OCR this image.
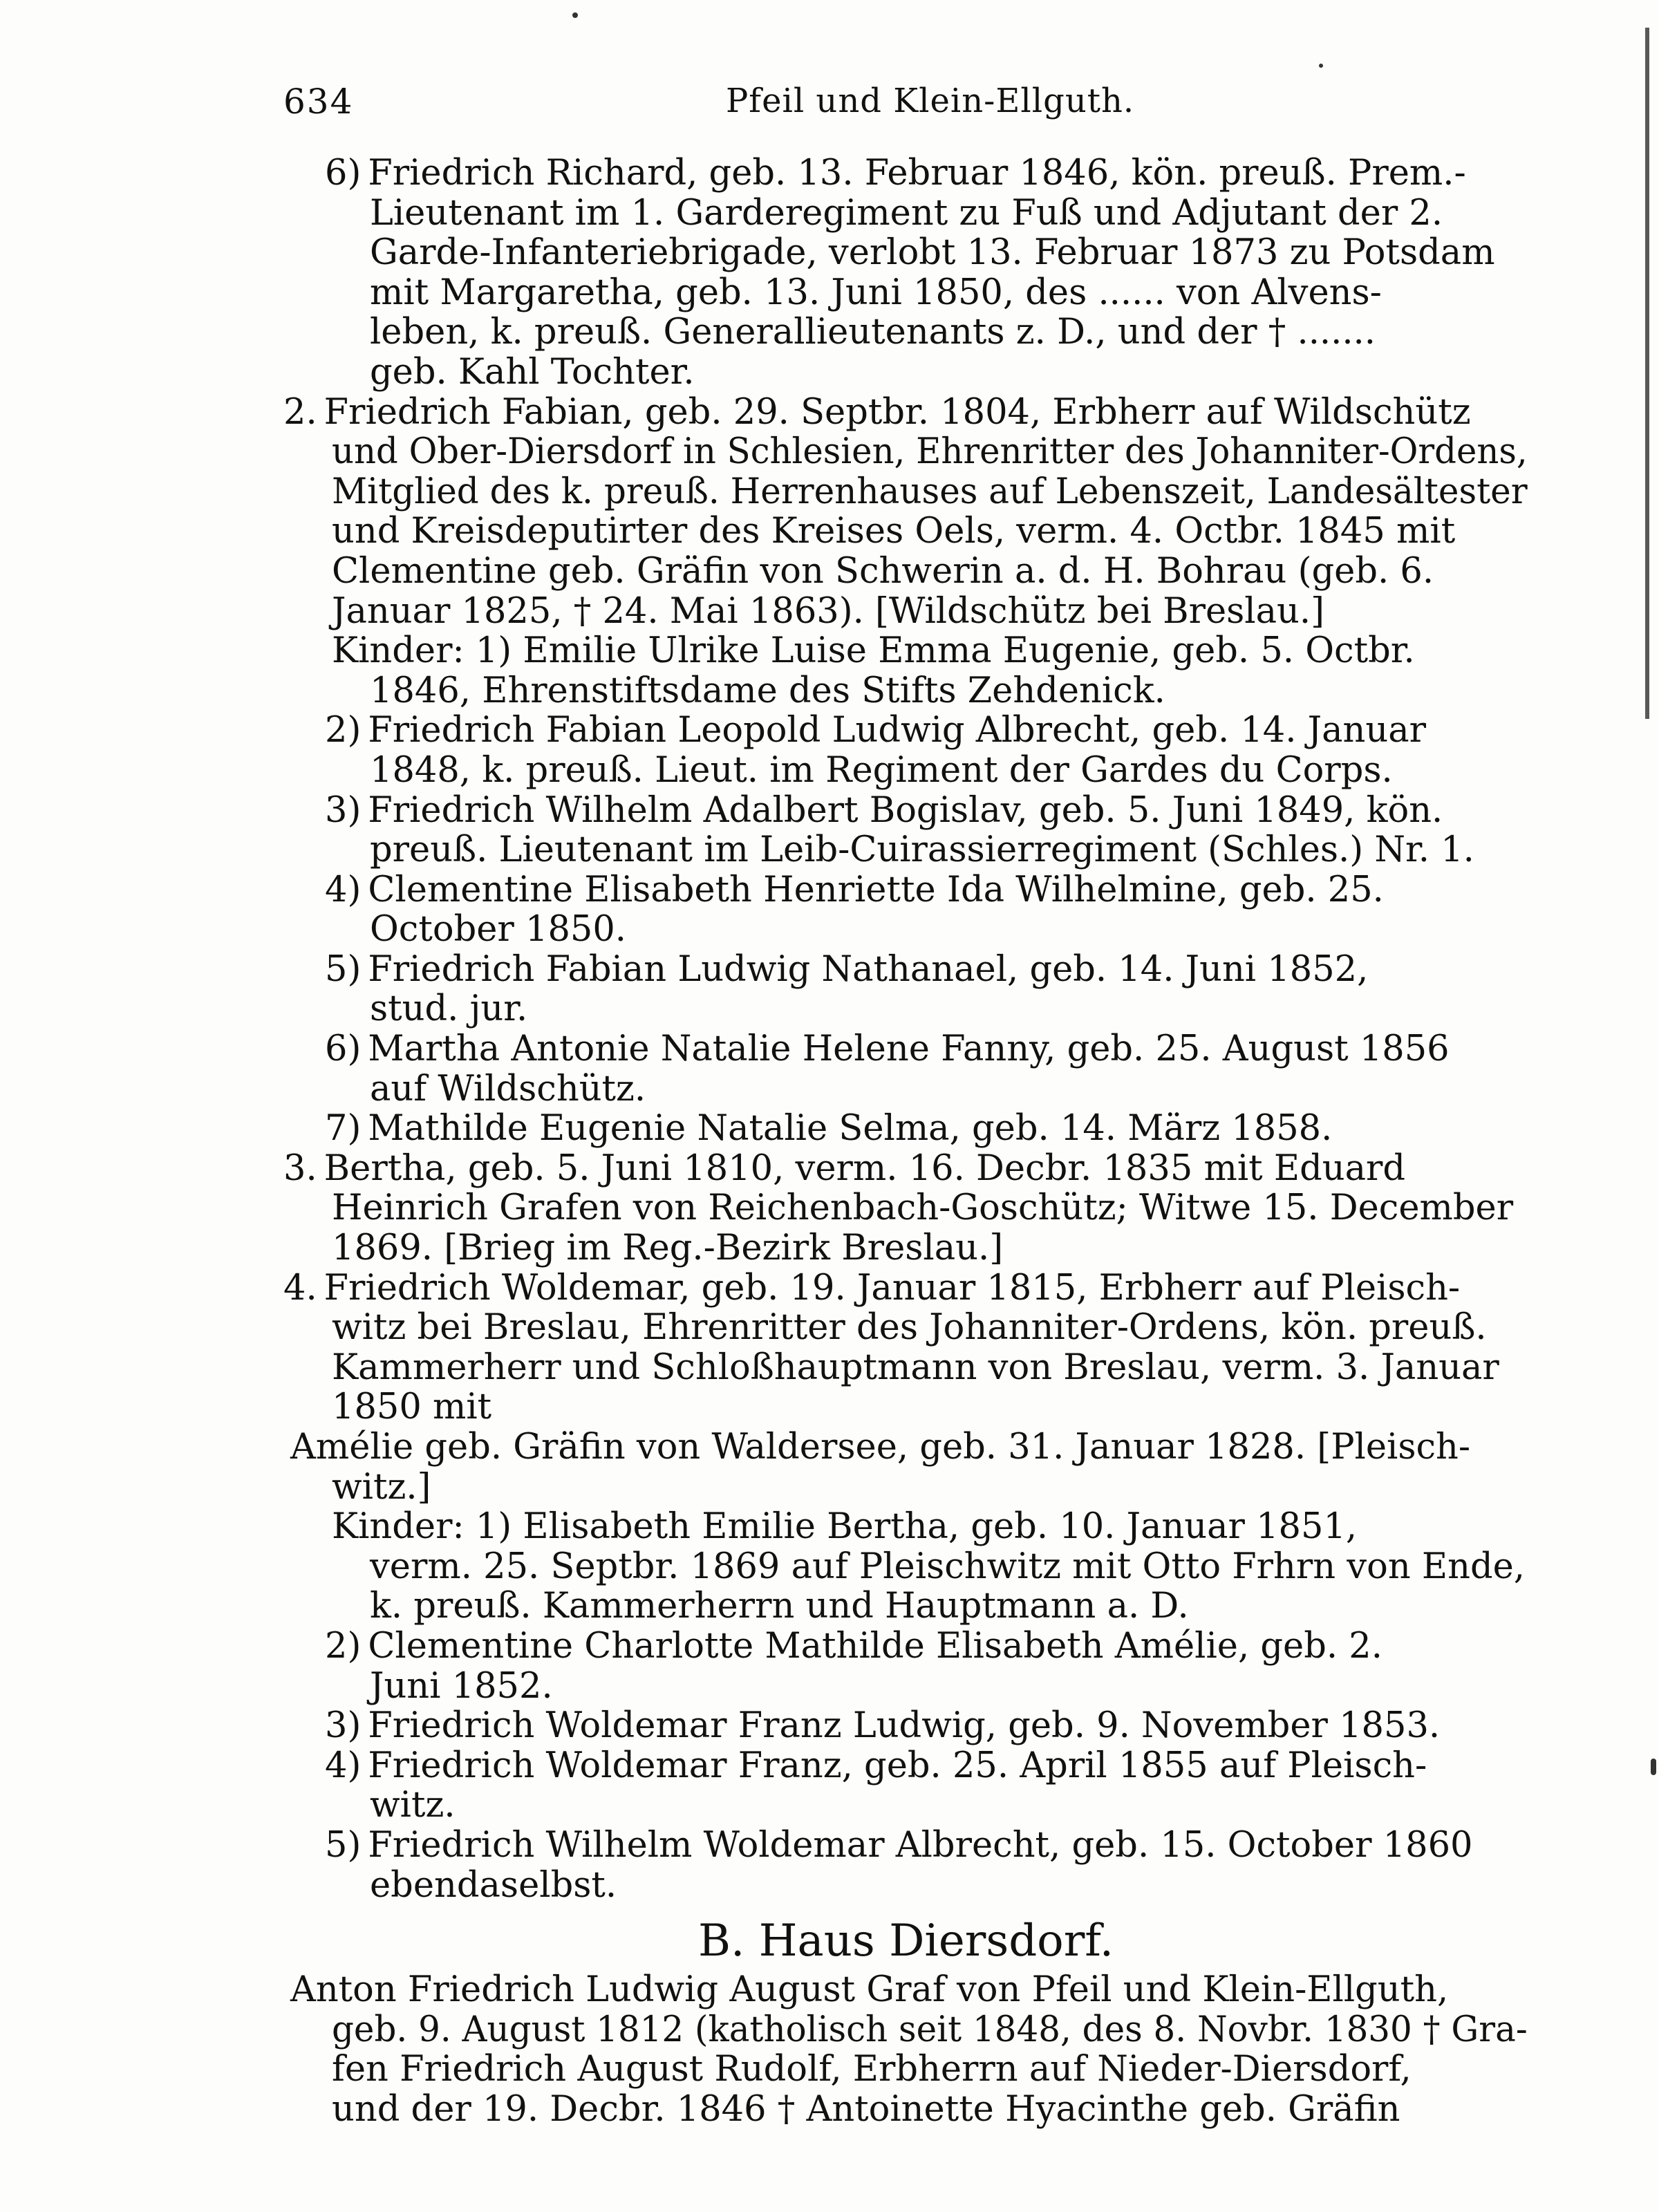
634	Pfeil und Klein-Ellguth.
6) Friedrich Richard, geb. 13. Februar 1846, kön. preuß. Prem.-
Lieutenant im 1. Garderegiment zu Fuß und Adjutant der 2.
Garde-Infanteriebrigade, verlobt 13. Februar 1873 zu Potsdam
mit Margaretha, geb. 13. Juni 1850, des ...... von Alvens-
leben, k. preuß. Generallieutenants z. D., und der † .......
geb. Kahl Tochter.
2. Friedrich Fabian, geb. 29. Septbr. 1804, Erbherr auf Wildschütz
und Ober-Diersdorf in Schlesien, Ehrenritter des Johanniter-Ordens,
Mitglied des k. preuß. Herrenhauses auf Lebenszeit, Landesältester
und Kreisdeputirter des Kreises Oels, verm. 4. Octbr. 1845 mit
Clementine geb. Gräfin von Schwerin a. d. H. Bohrau (geb. 6.
Januar 1825, † 24. Mai 1863). [Wildschütz bei Breslau.]
Kinder: 1) Emilie Ulrike Luise Emma Eugenie, geb. 5. Octbr.
1846, Ehrenstiftsdame des Stifts Zehdenick.
2) Friedrich Fabian Leopold Ludwig Albrecht, geb. 14. Januar
1848, k. preuß. Lieut. im Regiment der Gardes du Corps.
3) Friedrich Wilhelm Adalbert Bogislav, geb. 5. Juni 1849, kön.
preuß. Lieutenant im Leib-Cuirassierregiment (Schles.) Nr. 1.
4) Clementine Elisabeth Henriette Ida Wilhelmine, geb. 25.
October 1850.
5) Friedrich Fabian Ludwig Nathanael, geb. 14. Juni 1852,
stud. jur.
6) Martha Antonie Natalie Helene Fanny, geb. 25. August 1856
auf Wildschütz.
7) Mathilde Eugenie Natalie Selma, geb. 14. März 1858.
3. Bertha, geb. 5. Juni 1810, verm. 16. Decbr. 1835 mit Eduard
Heinrich Grafen von Reichenbach-Goschütz; Witwe 15. December
1869. [Brieg im Reg.-Bezirk Breslau.]
4. Friedrich Woldemar, geb. 19. Januar 1815, Erbherr auf Pleisch-
witz bei Breslau, Ehrenritter des Johanniter-Ordens, kön. preuß.
Kammerherr und Schloßhauptmann von Breslau, verm. 3. Januar
1850 mit
Amélie geb. Gräfin von Waldersee, geb. 31. Januar 1828. [Pleisch-
witz.]
Kinder: 1) Elisabeth Emilie Bertha, geb. 10. Januar 1851,
verm. 25. Septbr. 1869 auf Pleischwitz mit Otto Frhrn von Ende,
k. preuß. Kammerherrn und Hauptmann a. D.
2) Clementine Charlotte Mathilde Elisabeth Amélie, geb. 2.
Juni 1852.
3) Friedrich Woldemar Franz Ludwig, geb. 9. November 1853.
4) Friedrich Woldemar Franz, geb. 25. April 1855 auf Pleisch-
witz.
5) Friedrich Wilhelm Woldemar Albrecht, geb. 15. October 1860
ebendaselbst.
B. Haus Diersdorf.
Anton Friedrich Ludwig August Graf von Pfeil und Klein-Ellguth,
geb. 9. August 1812 (katholisch seit 1848, des 8. Novbr. 1830 † Gra-
fen Friedrich August Rudolf, Erbherrn auf Nieder-Diersdorf,
und der 19. Decbr. 1846 † Antoinette Hyacinthe geb. Gräfin
